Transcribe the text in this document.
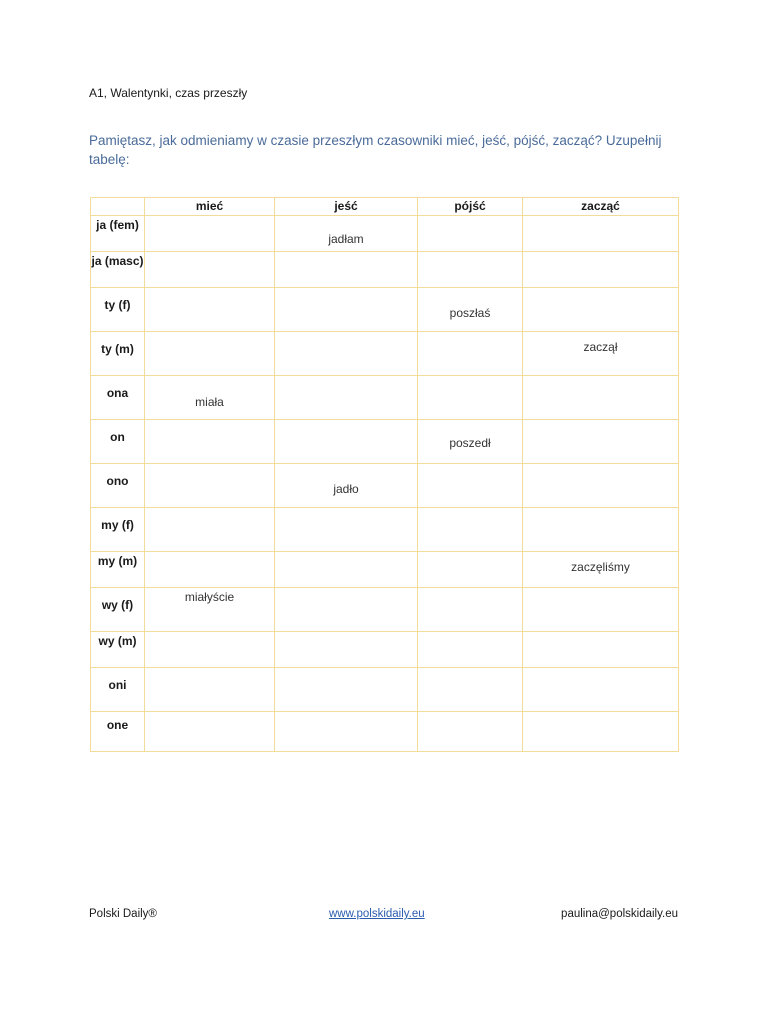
A1, Walentynki, czas przeszły

Pamiętasz, jak odmieniamy w czasie przeszłym czasowniki mieć, jeść, pójść, zacząć? Uzupełnij tabelę:

	mieć	jeść	pójść	zacząć
ja (fem)		jadłam		

ja (masc)	

ty (f)			poszłaś	

ty (m)				zaczął

ona	miała			

on			poszedł	

ono		jadło		

my (f)	

my (m)				zaczęliśmy

wy (f)	miałyście			

wy (m)	

oni	

one	

Polski Daily®	www.polskidaily.eu	paulina@polskidaily.eu
